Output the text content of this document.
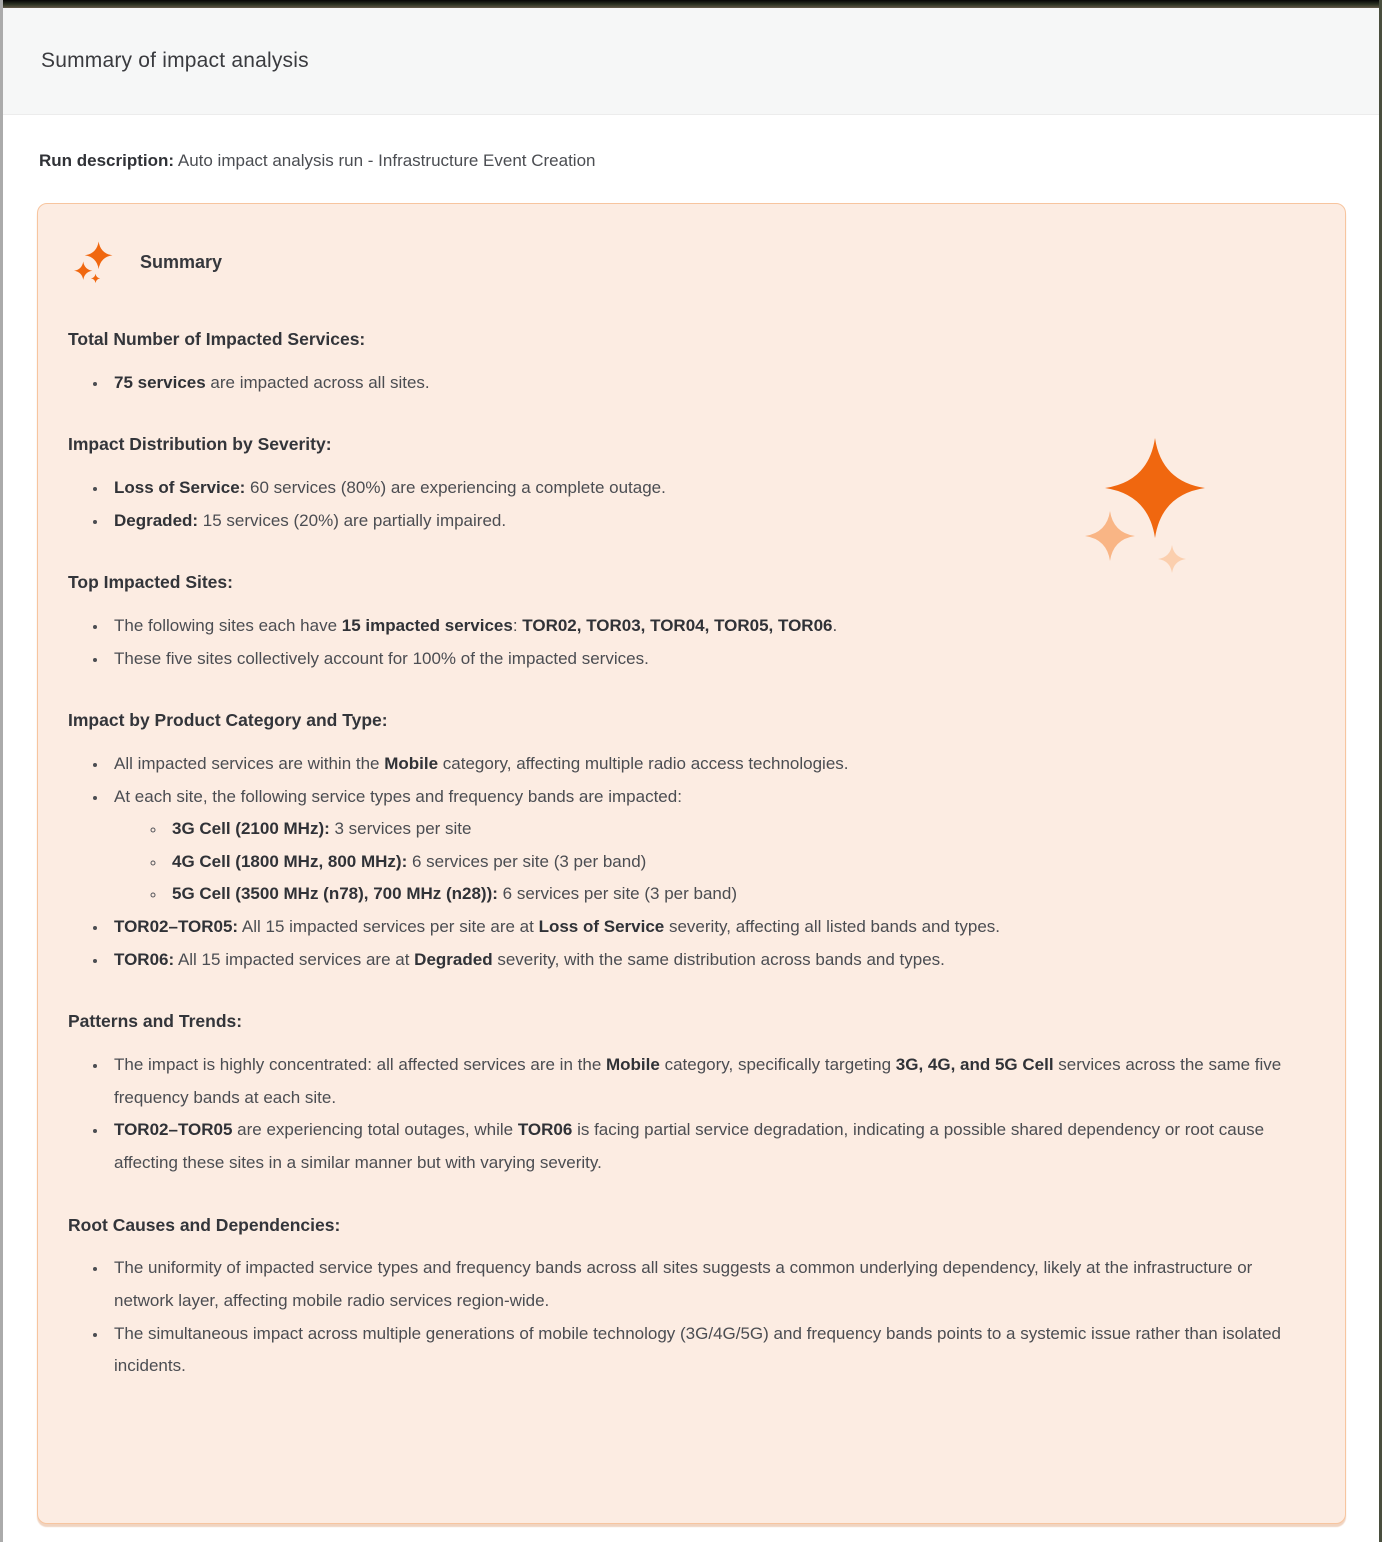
Summary of impact analysis

Run description: Auto impact analysis run - Infrastructure Event Creation

Summary
Total Number of Impacted Services:
• 75 services are impacted across all sites.
Impact Distribution by Severity:
• Loss of Service: 60 services (80%) are experiencing a complete outage.
• Degraded: 15 services (20%) are partially impaired.
Top Impacted Sites:
• The following sites each have 15 impacted services: TOR02, TOR03, TOR04, TOR05, TOR06.
• These five sites collectively account for 100% of the impacted services.
Impact by Product Category and Type:
• All impacted services are within the Mobile category, affecting multiple radio access technologies.
• At each site, the following service types and frequency bands are impacted:
◦ 3G Cell (2100 MHz): 3 services per site
◦ 4G Cell (1800 MHz, 800 MHz): 6 services per site (3 per band)
◦ 5G Cell (3500 MHz (n78), 700 MHz (n28)): 6 services per site (3 per band)
• TOR02–TOR05: All 15 impacted services per site are at Loss of Service severity, affecting all listed bands and types.
• TOR06: All 15 impacted services are at Degraded severity, with the same distribution across bands and types.
Patterns and Trends:
• The impact is highly concentrated: all affected services are in the Mobile category, specifically targeting 3G, 4G, and 5G Cell services across the same five frequency bands at each site.
• TOR02–TOR05 are experiencing total outages, while TOR06 is facing partial service degradation, indicating a possible shared dependency or root cause affecting these sites in a similar manner but with varying severity.
Root Causes and Dependencies:
• The uniformity of impacted service types and frequency bands across all sites suggests a common underlying dependency, likely at the infrastructure or network layer, affecting mobile radio services region-wide.
• The simultaneous impact across multiple generations of mobile technology (3G/4G/5G) and frequency bands points to a systemic issue rather than isolated incidents.
